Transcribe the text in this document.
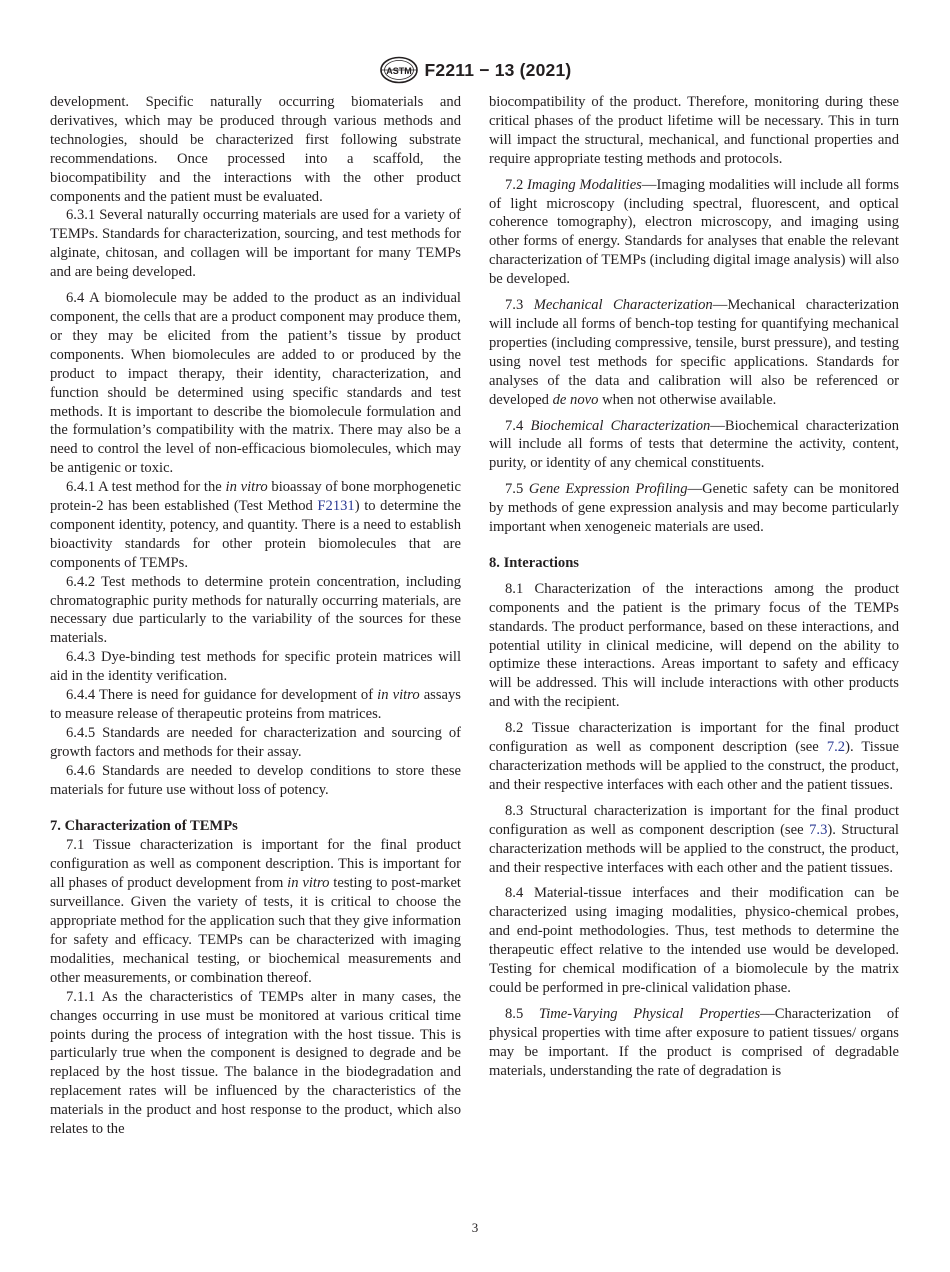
ASTM F2211 − 13 (2021)

development. Specific naturally occurring biomaterials and derivatives, which may be produced through various methods and technologies, should be characterized first following substrate recommendations. Once processed into a scaffold, the biocompatibility and the interactions with the other product components and the patient must be evaluated.

6.3.1 Several naturally occurring materials are used for a variety of TEMPs. Standards for characterization, sourcing, and test methods for alginate, chitosan, and collagen will be important for many TEMPs and are being developed.

6.4 A biomolecule may be added to the product as an individual component, the cells that are a product component may produce them, or they may be elicited from the patient’s tissue by product components. When biomolecules are added to or produced by the product to impact therapy, their identity, characterization, and function should be determined using specific standards and test methods. It is important to describe the biomolecule formulation and the formulation’s compatibility with the matrix. There may also be a need to control the level of non-efficacious biomolecules, which may be antigenic or toxic.

6.4.1 A test method for the in vitro bioassay of bone morphogenetic protein-2 has been established (Test Method F2131) to determine the component identity, potency, and quantity. There is a need to establish bioactivity standards for other protein biomolecules that are components of TEMPs.

6.4.2 Test methods to determine protein concentration, including chromatographic purity methods for naturally occurring materials, are necessary due particularly to the variability of the sources for these materials.

6.4.3 Dye-binding test methods for specific protein matrices will aid in the identity verification.

6.4.4 There is need for guidance for development of in vitro assays to measure release of therapeutic proteins from matrices.

6.4.5 Standards are needed for characterization and sourcing of growth factors and methods for their assay.

6.4.6 Standards are needed to develop conditions to store these materials for future use without loss of potency.

7. Characterization of TEMPs

7.1 Tissue characterization is important for the final product configuration as well as component description. This is important for all phases of product development from in vitro testing to post-market surveillance. Given the variety of tests, it is critical to choose the appropriate method for the application such that they give information for safety and efficacy. TEMPs can be characterized with imaging modalities, mechanical testing, or biochemical measurements and other measurements, or combination thereof.

7.1.1 As the characteristics of TEMPs alter in many cases, the changes occurring in use must be monitored at various critical time points during the process of integration with the host tissue. This is particularly true when the component is designed to degrade and be replaced by the host tissue. The balance in the biodegradation and replacement rates will be influenced by the characteristics of the materials in the product and host response to the product, which also relates to the

biocompatibility of the product. Therefore, monitoring during these critical phases of the product lifetime will be necessary. This in turn will impact the structural, mechanical, and functional properties and require appropriate testing methods and protocols.

7.2 Imaging Modalities—Imaging modalities will include all forms of light microscopy (including spectral, fluorescent, and optical coherence tomography), electron microscopy, and imaging using other forms of energy. Standards for analyses that enable the relevant characterization of TEMPs (including digital image analysis) will also be developed.

7.3 Mechanical Characterization—Mechanical characterization will include all forms of bench-top testing for quantifying mechanical properties (including compressive, tensile, burst pressure), and testing using novel test methods for specific applications. Standards for analyses of the data and calibration will also be referenced or developed de novo when not otherwise available.

7.4 Biochemical Characterization—Biochemical characterization will include all forms of tests that determine the activity, content, purity, or identity of any chemical constituents.

7.5 Gene Expression Profiling—Genetic safety can be monitored by methods of gene expression analysis and may become particularly important when xenogeneic materials are used.

8. Interactions

8.1 Characterization of the interactions among the product components and the patient is the primary focus of the TEMPs standards. The product performance, based on these interactions, and potential utility in clinical medicine, will depend on the ability to optimize these interactions. Areas important to safety and efficacy will be addressed. This will include interactions with other products and with the recipient.

8.2 Tissue characterization is important for the final product configuration as well as component description (see 7.2). Tissue characterization methods will be applied to the construct, the product, and their respective interfaces with each other and the patient tissues.

8.3 Structural characterization is important for the final product configuration as well as component description (see 7.3). Structural characterization methods will be applied to the construct, the product, and their respective interfaces with each other and the patient tissues.

8.4 Material-tissue interfaces and their modification can be characterized using imaging modalities, physico-chemical probes, and end-point methodologies. Thus, test methods to determine the therapeutic effect relative to the intended use would be developed. Testing for chemical modification of a biomolecule by the matrix could be performed in pre-clinical validation phase.

8.5 Time-Varying Physical Properties—Characterization of physical properties with time after exposure to patient tissues/ organs may be important. If the product is comprised of degradable materials, understanding the rate of degradation is

3
